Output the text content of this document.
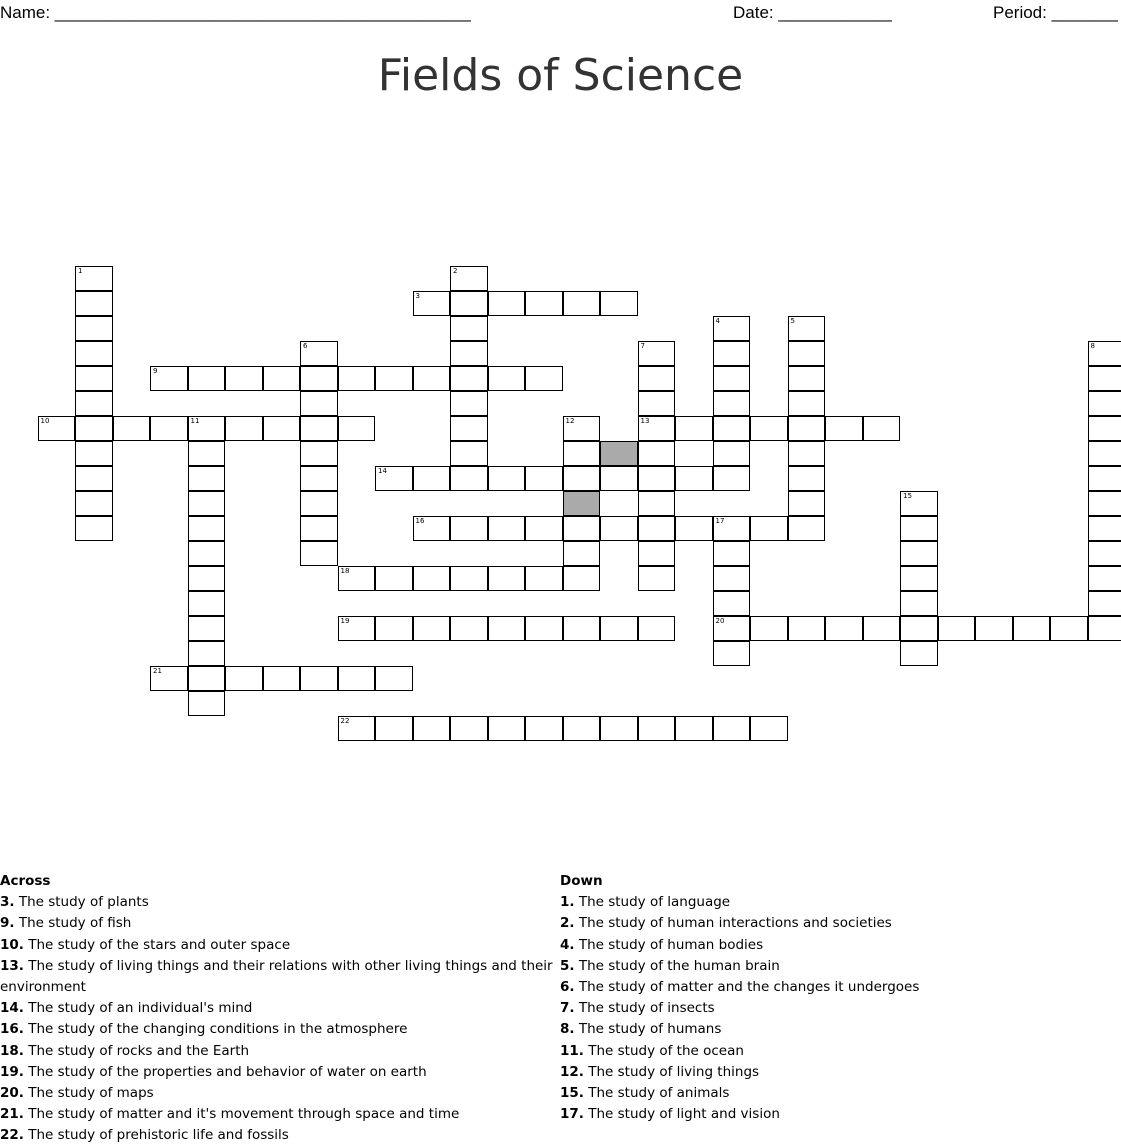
Name: ____________________________________________	Date: ____________	Period: _______
Fields of Science
1	2
3
4	5
6	7
13
8
9
10	11	12
14
15
16	17
20
18
19
21
22
Across
3. The study of plants
9. The study of fish
10. The study of the stars and outer space
13. The study of living things and their relations with other living things and their environment
14. The study of an individual's mind
16. The study of the changing conditions in the atmosphere
18. The study of rocks and the Earth
19. The study of the properties and behavior of water on earth
20. The study of maps
21. The study of matter and it's movement through space and time
22. The study of prehistoric life and fossils
Down
1. The study of language
2. The study of human interactions and societies
4. The study of human bodies
5. The study of the human brain
6. The study of matter and the changes it undergoes
7. The study of insects
8. The study of humans
11. The study of the ocean
12. The study of living things
15. The study of animals
17. The study of light and vision
